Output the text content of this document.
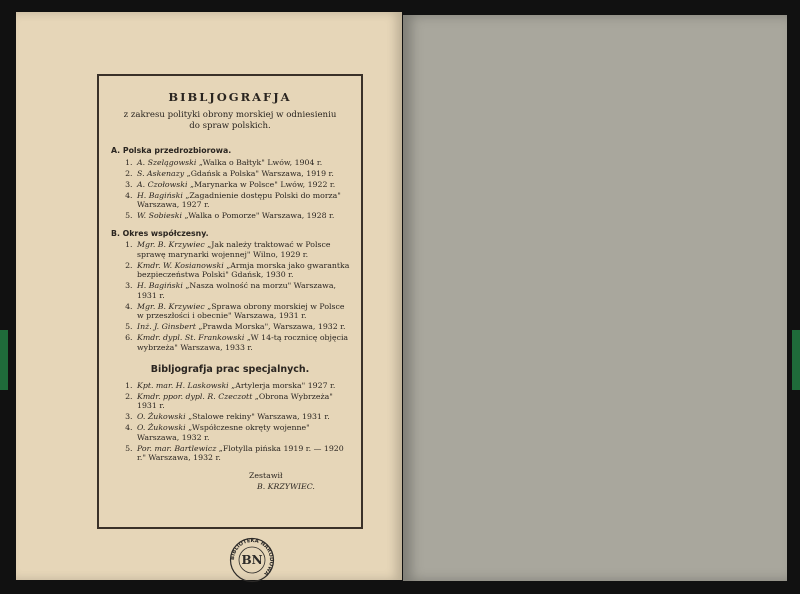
BIBLJOGRAFJA
z zakresu polityki obrony morskiej w odniesieniu
do spraw polskich.
A. Polska przedrozbiorowa.
1. A. Szelągowski „Walka o Bałtyk" Lwów, 1904 r.
2. S. Askenazy „Gdańsk a Polska" Warszawa, 1919 r.
3. A. Czołowski „Marynarka w Polsce" Lwów, 1922 r.
4. H. Bagiński „Zagadnienie dostępu Polski do morza" Warszawa, 1927 r.
5. W. Sobieski „Walka o Pomorze" Warszawa, 1928 r.
B. Okres współczesny.
1. Mgr. B. Krzywiec „Jak należy traktować w Polsce sprawę marynarki wojennej" Wilno, 1929 r.
2. Kmdr. W. Kosianowski „Armja morska jako gwarantka bezpieczeństwa Polski" Gdańsk, 1930 r.
3. H. Bagiński „Nasza wolność na morzu" Warszawa, 1931 r.
4. Mgr. B. Krzywiec „Sprawa obrony morskiej w Polsce w przeszłości i obecnie" Warszawa, 1931 r.
5. Inż. J. Ginsbert „Prawda Morska", Warszawa, 1932 r.
6. Kmdr. dypl. St. Frankowski „W 14-tą rocznicę objęcia wybrzeża" Warszawa, 1933 r.
Bibljografja prac specjalnych.
1. Kpt. mar. H. Laskowski „Artylerja morska" 1927 r.
2. Kmdr. ppor. dypl. R. Czeczott „Obrona Wybrzeża" 1931 r.
3. O. Żukowski „Stalowe rekiny" Warszawa, 1931 r.
4. O. Żukowski „Współczesne okręty wojenne" Warszawa, 1932 r.
5. Por. mar. Bartlewicz „Flotylla pińska 1919 r. — 1920 r." Warszawa, 1932 r.
Zestawił
B. KRZYWIEC.
BIBLIOTEKA NARODOWA
BN
